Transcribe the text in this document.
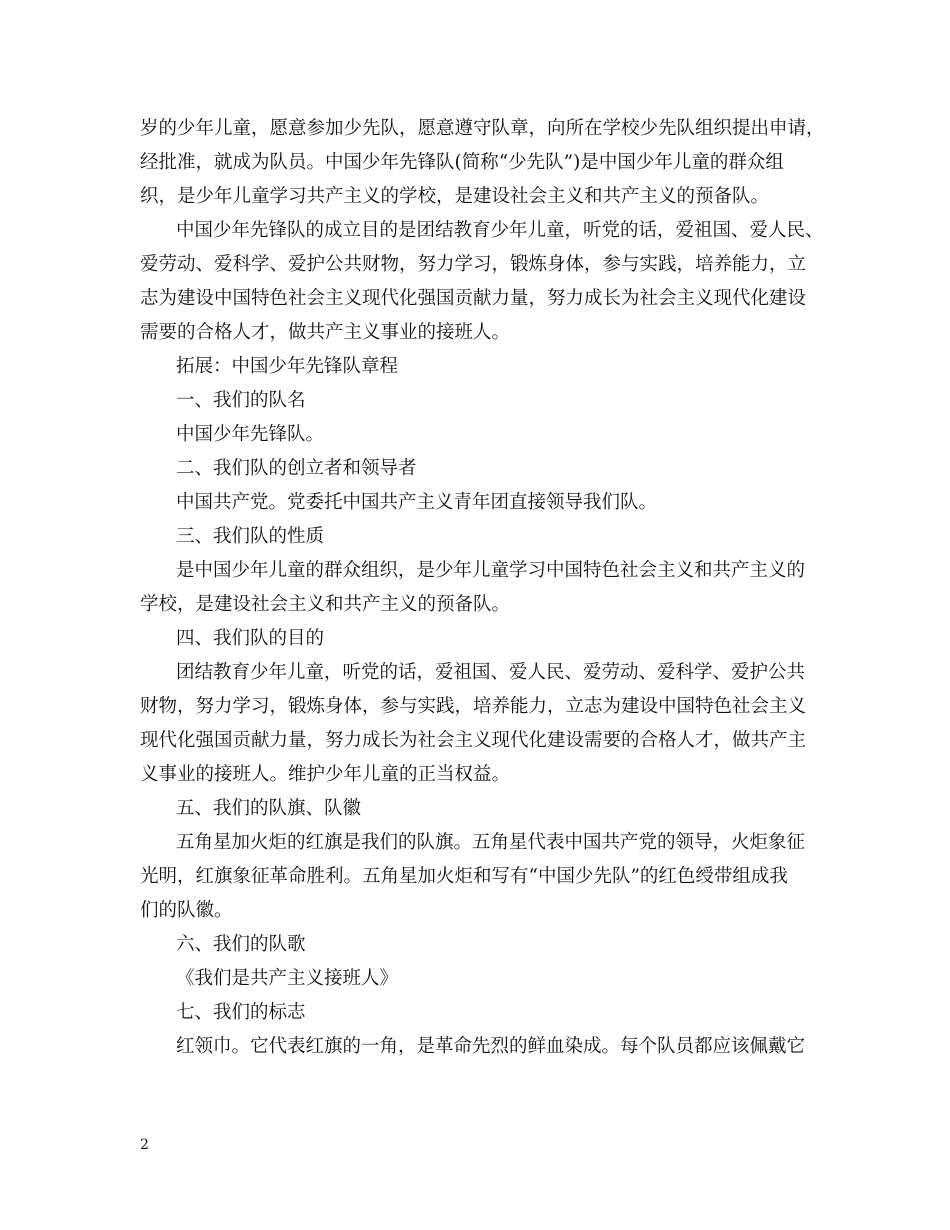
岁的少年儿童，愿意参加少先队，愿意遵守队章，向所在学校少先队组织提出申请，

经批准，就成为队员。中国少年先锋队(简称“少先队”)是中国少年儿童的群众组

织，是少年儿童学习共产主义的学校，是建设社会主义和共产主义的预备队。

中国少年先锋队的成立目的是团结教育少年儿童，听党的话，爱祖国、爱人民、

爱劳动、爱科学、爱护公共财物，努力学习，锻炼身体，参与实践，培养能力，立

志为建设中国特色社会主义现代化强国贡献力量，努力成长为社会主义现代化建设

需要的合格人才，做共产主义事业的接班人。

拓展：中国少年先锋队章程

一、我们的队名

中国少年先锋队。

二、我们队的创立者和领导者

中国共产党。党委托中国共产主义青年团直接领导我们队。

三、我们队的性质

是中国少年儿童的群众组织，是少年儿童学习中国特色社会主义和共产主义的

学校，是建设社会主义和共产主义的预备队。

四、我们队的目的

团结教育少年儿童，听党的话，爱祖国、爱人民、爱劳动、爱科学、爱护公共

财物，努力学习，锻炼身体，参与实践，培养能力，立志为建设中国特色社会主义

现代化强国贡献力量，努力成长为社会主义现代化建设需要的合格人才，做共产主

义事业的接班人。维护少年儿童的正当权益。

五、我们的队旗、队徽

五角星加火炬的红旗是我们的队旗。五角星代表中国共产党的领导，火炬象征

光明，红旗象征革命胜利。五角星加火炬和写有“中国少先队”的红色绶带组成我

们的队徽。

六、我们的队歌

《我们是共产主义接班人》

七、我们的标志

红领巾。它代表红旗的一角，是革命先烈的鲜血染成。每个队员都应该佩戴它

2
